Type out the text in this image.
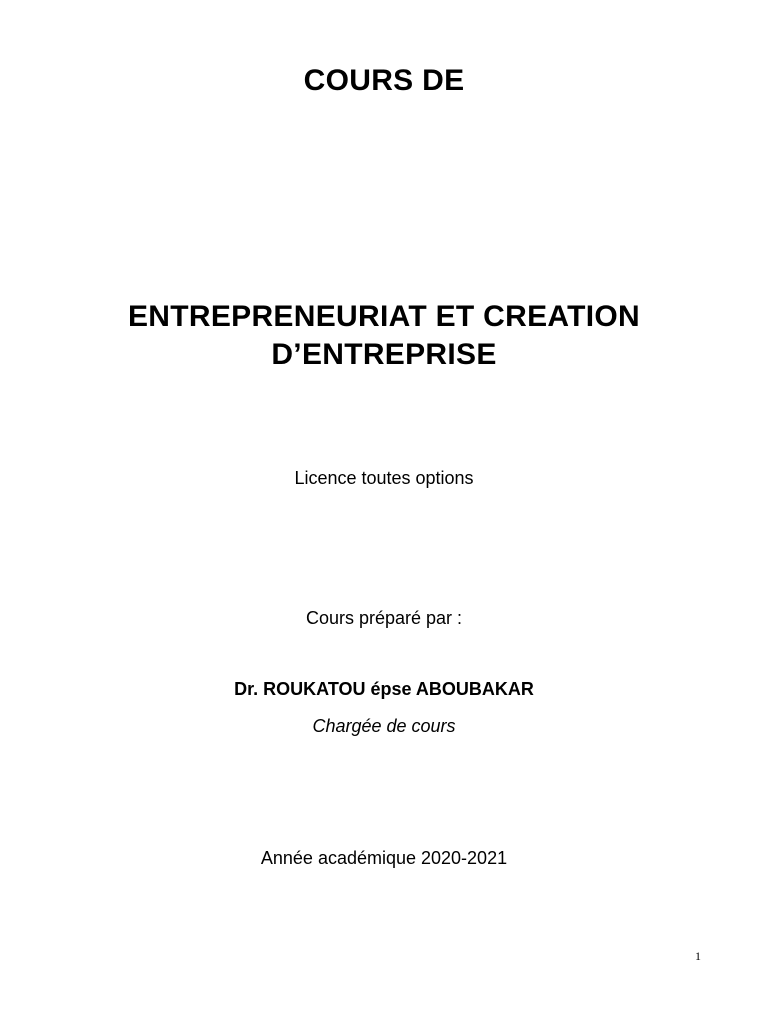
COURS DE
ENTREPRENEURIAT ET CREATION
D’ENTREPRISE
Licence toutes options
Cours préparé par :
Dr. ROUKATOU épse ABOUBAKAR
Chargée de cours
Année académique 2020-2021
1
